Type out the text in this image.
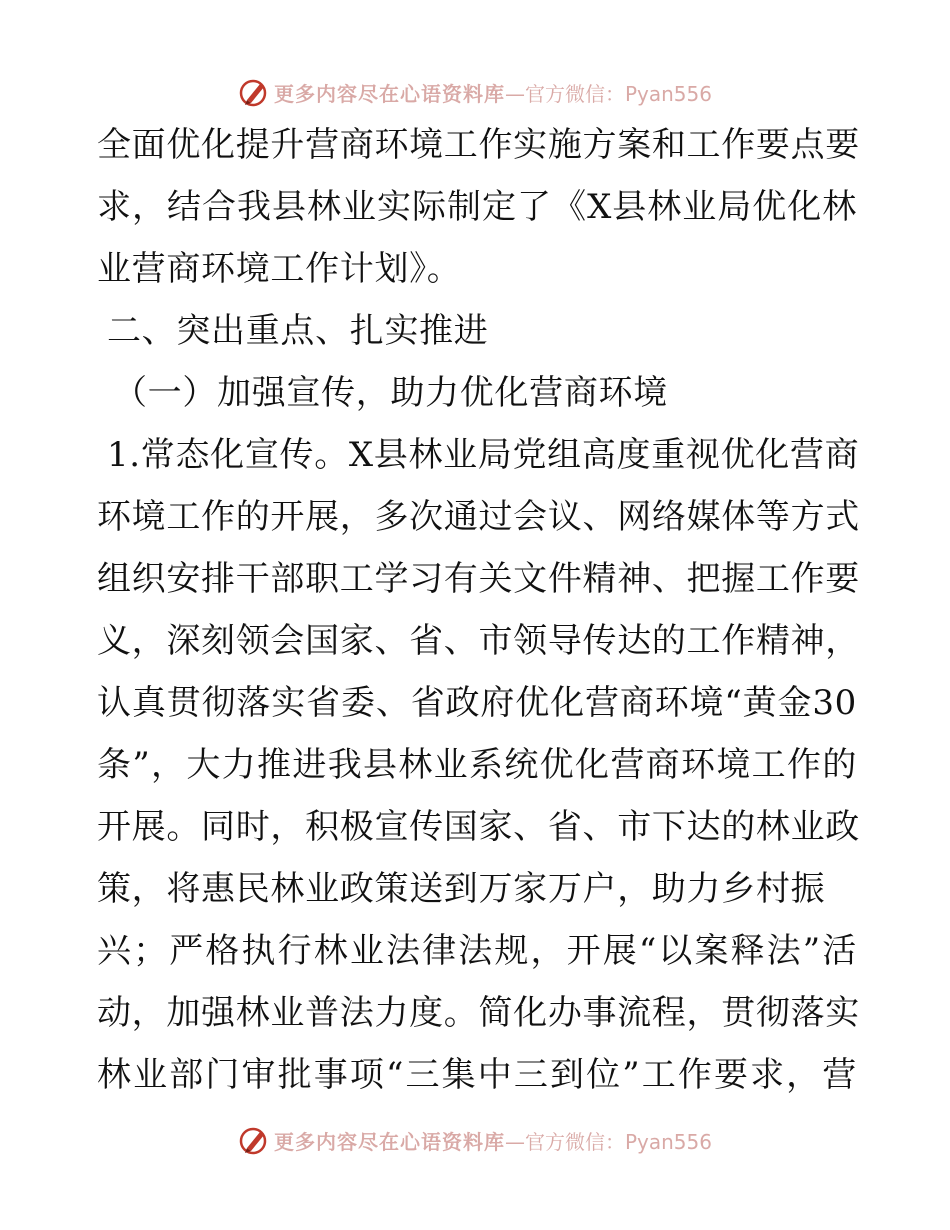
更多内容尽在心语资料库 —官方微信：Pyan556
全面优化提升营商环境工作实施方案和工作要点要
求，结合我县林业实际制定了《X县林业局优化林
业营商环境工作计划》。
二、突出重点、扎实推进
（一）加强宣传，助力优化营商环境
1.常态化宣传。X县林业局党组高度重视优化营商
环境工作的开展，多次通过会议、网络媒体等方式
组织安排干部职工学习有关文件精神、把握工作要
义，深刻领会国家、省、市领导传达的工作精神，
认真贯彻落实省委、省政府优化营商环境“黄金30
条”，大力推进我县林业系统优化营商环境工作的
开展。同时，积极宣传国家、省、市下达的林业政
策，将惠民林业政策送到万家万户，助力乡村振
兴；严格执行林业法律法规，开展“以案释法”活
动，加强林业普法力度。简化办事流程，贯彻落实
林业部门审批事项“三集中三到位”工作要求，营
更多内容尽在心语资料库 —官方微信：Pyan556
